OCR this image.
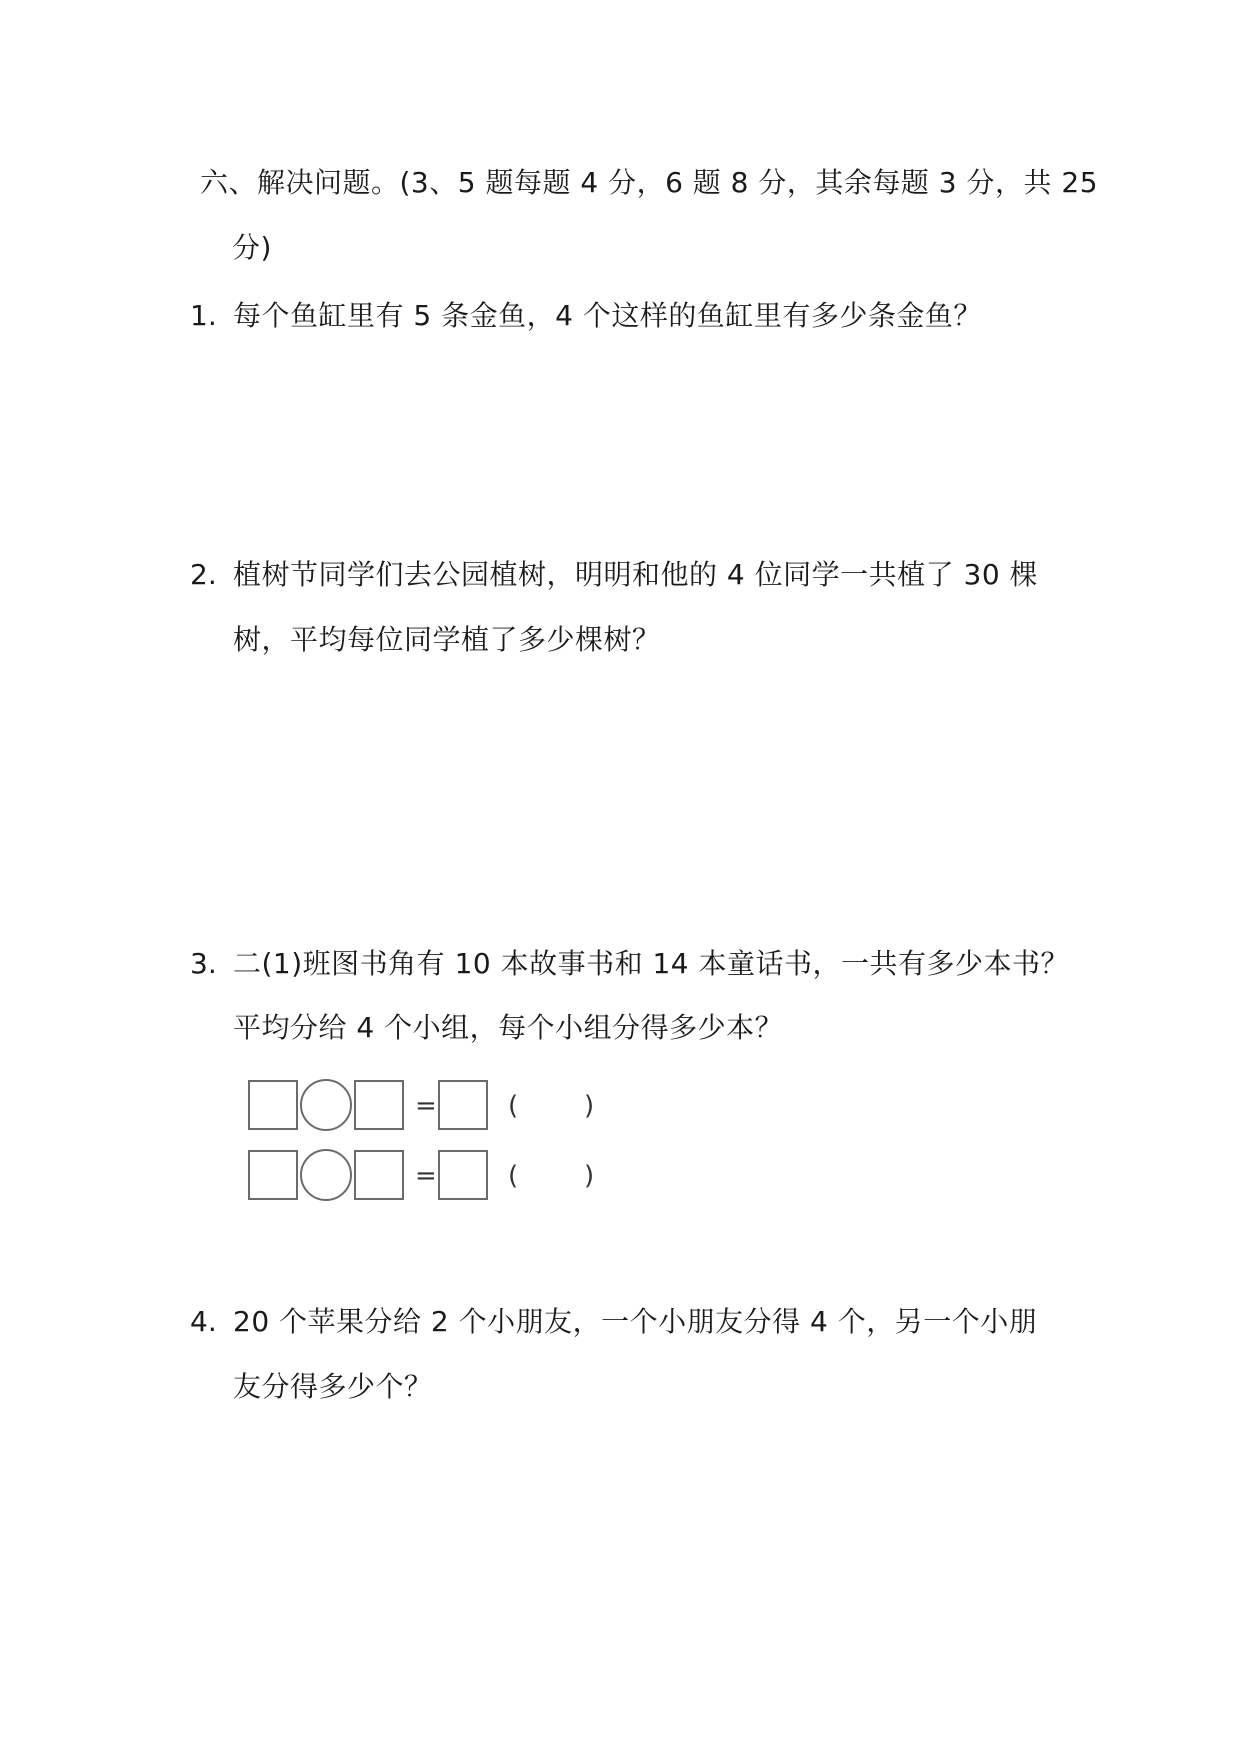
六、解决问题。(3、5 题每题 4 分，6 题 8 分，其余每题 3 分，共 25
分)
1. 每个鱼缸里有 5 条金鱼，4 个这样的鱼缸里有多少条金鱼？
2. 植树节同学们去公园植树，明明和他的 4 位同学一共植了 30 棵
树，平均每位同学植了多少棵树？
3. 二(1)班图书角有 10 本故事书和 14 本童话书，一共有多少本书？
平均分给 4 个小组，每个小组分得多少本？
=	(	)
=	(	)
4. 20 个苹果分给 2 个小朋友，一个小朋友分得 4 个，另一个小朋
友分得多少个？
